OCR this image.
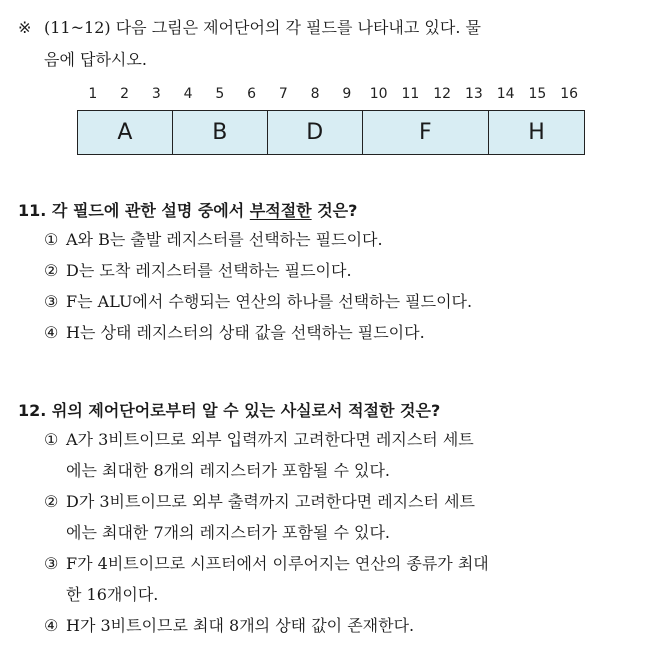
※ (11~12) 다음 그림은 제어단어의 각 필드를 나타내고 있다. 물
음에 답하시오.
1 2 3 4 5 6 7 8 9 10 11 12 13 14 15 16
A	B	D	F	H
11. 각 필드에 관한 설명 중에서 부적절한 것은?
① A와 B는 출발 레지스터를 선택하는 필드이다.
② D는 도착 레지스터를 선택하는 필드이다.
③ F는 ALU에서 수행되는 연산의 하나를 선택하는 필드이다.
④ H는 상태 레지스터의 상태 값을 선택하는 필드이다.
12. 위의 제어단어로부터 알 수 있는 사실로서 적절한 것은?
① A가 3비트이므로 외부 입력까지 고려한다면 레지스터 세트
에는 최대한 8개의 레지스터가 포함될 수 있다.
② D가 3비트이므로 외부 출력까지 고려한다면 레지스터 세트
에는 최대한 7개의 레지스터가 포함될 수 있다.
③ F가 4비트이므로 시프터에서 이루어지는 연산의 종류가 최대
한 16개이다.
④ H가 3비트이므로 최대 8개의 상태 값이 존재한다.
